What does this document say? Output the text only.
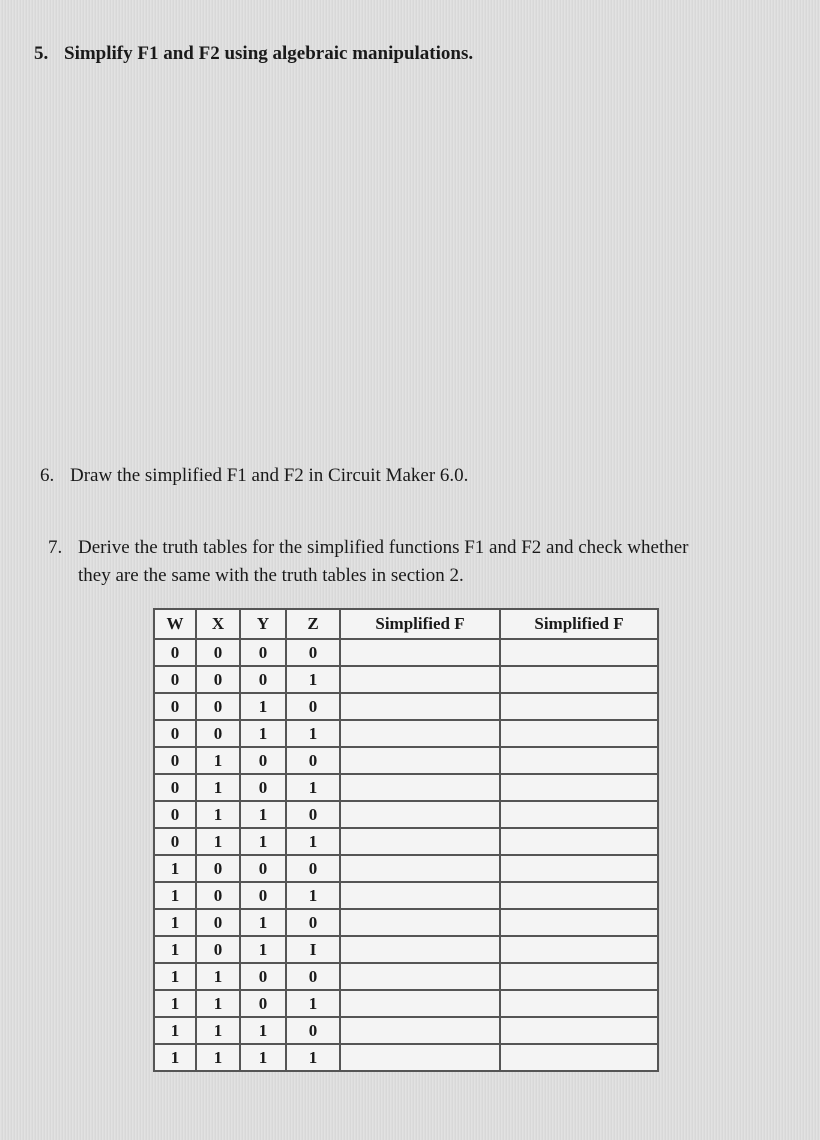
5. Simplify F1 and F2 using algebraic manipulations.
6. Draw the simplified F1 and F2 in Circuit Maker 6.0.
7. Derive the truth tables for the simplified functions F1 and F2 and check whether
they are the same with the truth tables in section 2.
W	X	Y	Z	Simplified F	Simplified F
0	0	0	0		
0	0	0	1		
0	0	1	0		
0	0	1	1		
0	1	0	0		
0	1	0	1		
0	1	1	0		
0	1	1	1		
1	0	0	0		
1	0	0	1		
1	0	1	0		
1	0	1	I		
1	1	0	0		
1	1	0	1		
1	1	1	0		
1	1	1	1		
